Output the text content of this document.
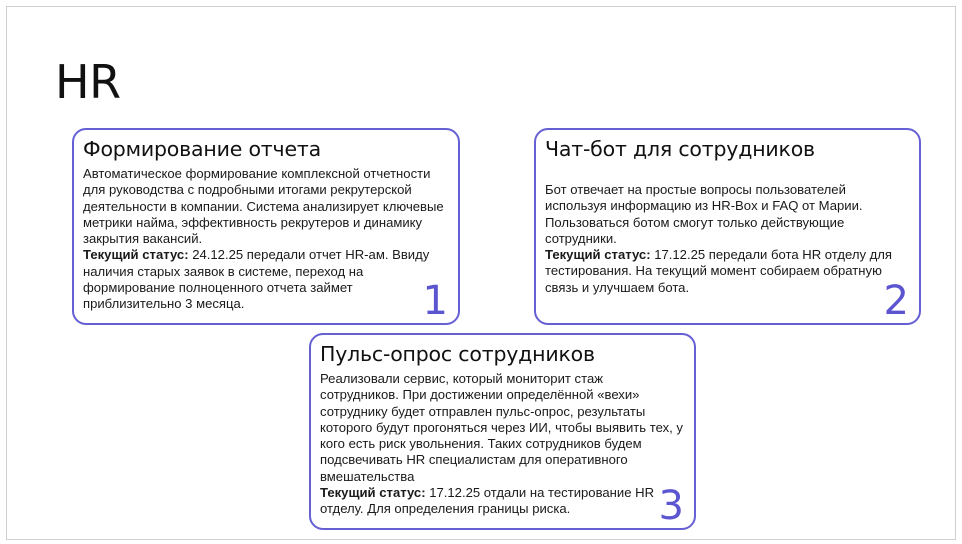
HR
Формирование отчета
Автоматическое формирование комплексной отчетности для руководства с подробными итогами рекрутерской деятельности в компании. Система анализирует ключевые метрики найма, эффективность рекрутеров и динамику закрытия вакансий.
Текущий статус: 24.12.25 передали отчет HR-ам. Ввиду наличия старых заявок в системе, переход на формирование полноценного отчета займет приблизительно 3 месяца.	1
Чат-бот для сотрудников
Бот отвечает на простые вопросы пользователей используя информацию из HR-Box и FAQ от Марии. Пользоваться ботом смогут только действующие сотрудники.
Текущий статус: 17.12.25 передали бота HR отделу для тестирования. На текущий момент собираем обратную связь и улучшаем бота.	2
Пульс-опрос сотрудников
Реализовали сервис, который мониторит стаж сотрудников. При достижении определённой «вехи» сотруднику будет отправлен пульс-опрос, результаты которого будут прогоняться через ИИ, чтобы выявить тех, у кого есть риск увольнения. Таких сотрудников будем подсвечивать HR специалистам для оперативного вмешательства
Текущий статус: 17.12.25 отдали на тестирование HR отделу. Для определения границы риска.	3
